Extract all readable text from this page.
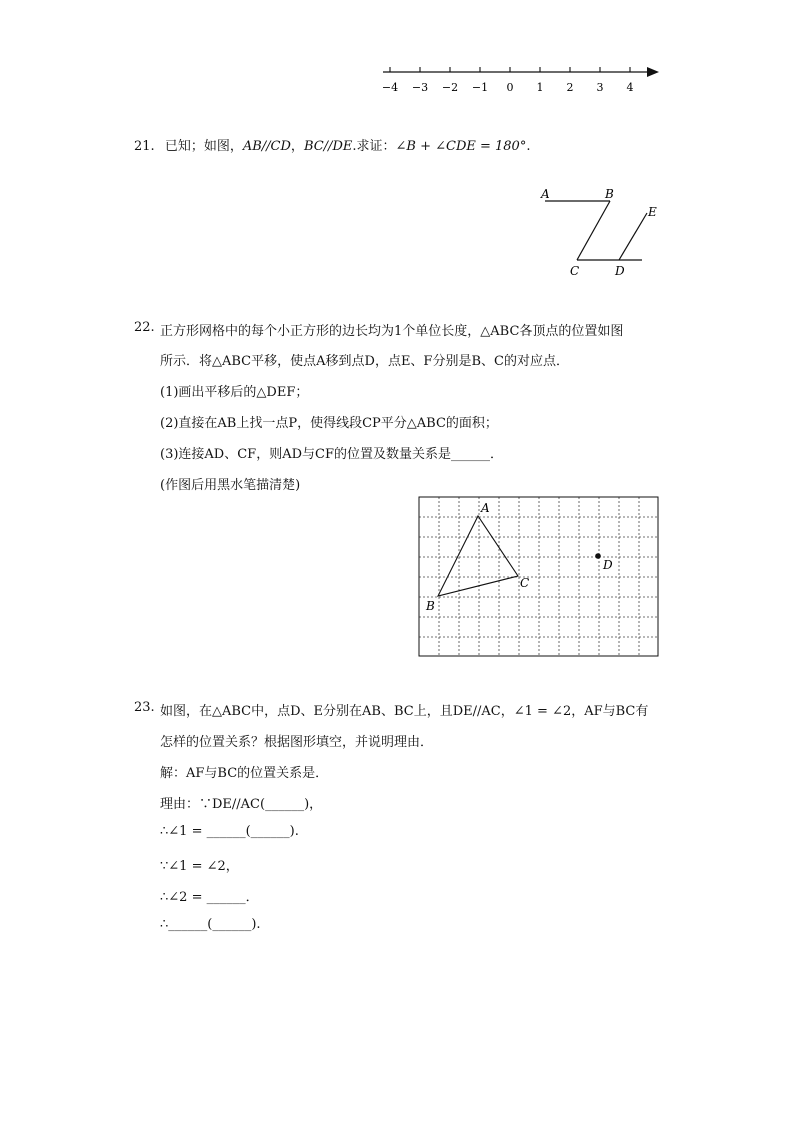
−4 −3 −2 −1 0 1 2 3 4
21. 已知；如图，AB//CD，BC//DE.求证：∠B + ∠CDE = 180°.
A	B
C	D
E
22. 正方形网格中的每个小正方形的边长均为1个单位长度，△ABC各顶点的位置如图
所示．将△ABC平移，使点A移到点D，点E、F分别是B、C的对应点．
(1)画出平移后的△DEF；
(2)直接在AB上找一点P，使得线段CP平分△ABC的面积；
(3)连接AD、CF，则AD与CF的位置及数量关系是______．
(作图后用黑水笔描清楚)
A
B
C
D
23. 如图，在△ABC中，点D、E分别在AB、BC上，且DE//AC，∠1 = ∠2，AF与BC有
怎样的位置关系？根据图形填空，并说明理由．
解：AF与BC的位置关系是．
理由：∵DE//AC(______)，
∴∠1 = ______(______).
∵∠1 = ∠2，
∴∠2 = ______．
∴______(______).
